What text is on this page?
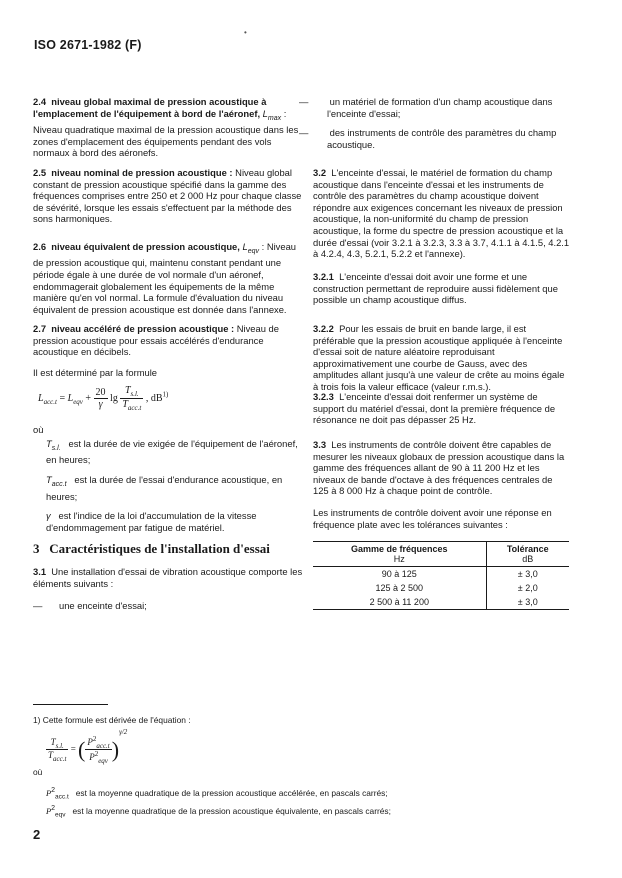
ISO 2671-1982 (F)
•

2.4 niveau global maximal de pression acoustique à l'emplacement de l'équipement à bord de l'aéronef, $L_{max}$ : Niveau quadratique maximal de la pression acoustique dans les zones d'emplacement des équipements pendant des vols normaux à bord des aéronefs.

2.5 niveau nominal de pression acoustique : Niveau global constant de pression acoustique spécifié dans la gamme des fréquences comprises entre 250 et 2 000 Hz pour chaque classe de sévérité, lorsque les essais s'effectuent par la méthode des sons harmoniques.

2.6 niveau équivalent de pression acoustique, $L_{eqv}$ : Niveau de pression acoustique qui, maintenu constant pendant une période égale à une durée de vol normale d'un aéronef, endommagerait globalement les équipements de la même manière qu'en vol normal. La formule d'évaluation du niveau équivalent de pression acoustique est donnée dans l'annexe.

2.7 niveau accéléré de pression acoustique : Niveau de pression acoustique pour essais accélérés d'endurance acoustique en décibels.

Il est déterminé par la formule
$L_{acc.t} = L_{eqv} + \frac{20}{\gamma}$ $\lg \frac{T_{s.l.}}{T_{acc.t}}$ , $dB^{1)}$
où

$T_{s.l.}$ est la durée de vie exigée de l'équipement de l'aéronef, en heures;

$T_{acc.t}$ est la durée de l'essai d'endurance acoustique, en heures;

γ est l'indice de la loi d'accumulation de la vitesse d'endommagement par fatigue de matériel.

3 Caractéristiques de l'installation d'essai

3.1 Une installation d'essai de vibration acoustique comporte les éléments suivants :

— une enceinte d'essai;

— un matériel de formation d'un champ acoustique dans l'enceinte d'essai;

— des instruments de contrôle des paramètres du champ acoustique.

3.2 L'enceinte d'essai, le matériel de formation du champ acoustique dans l'enceinte d'essai et les instruments de contrôle des paramètres du champ acoustique doivent répondre aux exigences concernant les niveaux de pression acoustique, la non-uniformité du champ de pression acoustique, la forme du spectre de pression acoustique et la durée d'essai (voir 3.2.1 à 3.2.3, 3.3 à 3.7, 4.1.1 à 4.1.5, 4.2.1 à 4.2.4, 4.3, 5.2.1, 5.2.2 et l'annexe).

3.2.1 L'enceinte d'essai doit avoir une forme et une construction permettant de reproduire aussi fidèlement que possible un champ acoustique diffus.

3.2.2 Pour les essais de bruit en bande large, il est préférable que la pression acoustique appliquée à l'enceinte d'essai soit de nature aléatoire reproduisant approximativement une courbe de Gauss, avec des amplitudes allant jusqu'à une valeur de crête au moins égale à trois fois la valeur efficace (valeur r.m.s.).

3.2.3 L'enceinte d'essai doit renfermer un système de support du matériel d'essai, dont la première fréquence de résonance ne doit pas dépasser 25 Hz.

3.3 Les instruments de contrôle doivent être capables de mesurer les niveaux globaux de pression acoustique dans la gamme des fréquences allant de 90 à 11 200 Hz et les niveaux de bande d'octave à des fréquences centrales de 125 à 8 000 Hz à chaque point de contrôle.

Les instruments de contrôle doivent avoir une réponse en fréquence plate avec les tolérances suivantes :

Gamme de fréquences
Hz	Tolérance
dB

90 à 125	± 3,0
125 à 2 500	± 2,0
2 500 à 11 200	± 3,0
1) Cette formule est dérivée de l'équation :
$\frac{T_{s.l.}}{T_{acc.t}}$ = ( $\frac{P^2_{acc.t}}{P^2_{eqv}} )^{\gamma/2}$
où
$P^2_{acc.t}$ est la moyenne quadratique de la pression acoustique accélérée, en pascals carrés;
$P^2_{eqv}$ est la moyenne quadratique de la pression acoustique équivalente, en pascals carrés;
2
